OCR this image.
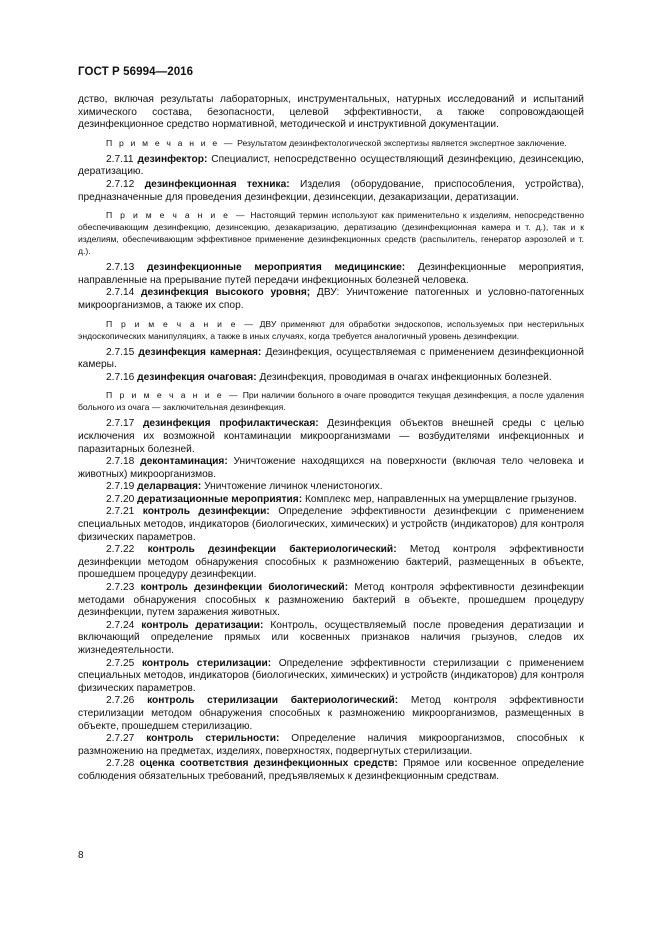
ГОСТ Р 56994—2016

дство, включая результаты лабораторных, инструментальных, натурных исследований и испытаний химического состава, безопасности, целевой эффективности, а также сопровождающей дезинфекционное средство нормативной, методической и инструктивной документации.

П р и м е ч а н и е — Результатом дезинфектологической экспертизы является экспертное заключение.

2.7.11 дезинфектор: Специалист, непосредственно осуществляющий дезинфекцию, дезинсекцию, дератизацию.

2.7.12 дезинфекционная техника: Изделия (оборудование, приспособления, устройства), предназначенные для проведения дезинфекции, дезинсекции, дезакаризации, дератизации.

П р и м е ч а н и е — Настоящий термин используют как применительно к изделиям, непосредственно обеспечивающим дезинфекцию, дезинсекцию, дезакаризацию, дератизацию (дезинфекционная камера и т. д.), так и к изделиям, обеспечивающим эффективное применение дезинфекционных средств (распылитель, генератор аэрозолей и т. д.).

2.7.13 дезинфекционные мероприятия медицинские: Дезинфекционные мероприятия, направленные на прерывание путей передачи инфекционных болезней человека.

2.7.14 дезинфекция высокого уровня; ДВУ: Уничтожение патогенных и условно-патогенных микроорганизмов, а также их спор.

П р и м е ч а н и е — ДВУ применяют для обработки эндоскопов, используемых при нестерильных эндоскопических манипуляциях, а также в иных случаях, когда требуется аналогичный уровень дезинфекции.

2.7.15 дезинфекция камерная: Дезинфекция, осуществляемая с применением дезинфекционной камеры.

2.7.16 дезинфекция очаговая: Дезинфекция, проводимая в очагах инфекционных болезней.

П р и м е ч а н и е — При наличии больного в очаге проводится текущая дезинфекция, а после удаления больного из очага — заключительная дезинфекция.

2.7.17 дезинфекция профилактическая: Дезинфекция объектов внешней среды с целью исключения их возможной контаминации микроорганизмами — возбудителями инфекционных и паразитарных болезней.

2.7.18 деконтаминация: Уничтожение находящихся на поверхности (включая тело человека и животных) микроорганизмов.

2.7.19 деларвация: Уничтожение личинок членистоногих.

2.7.20 дератизационные мероприятия: Комплекс мер, направленных на умерщвление грызунов.

2.7.21 контроль дезинфекции: Определение эффективности дезинфекции с применением специальных методов, индикаторов (биологических, химических) и устройств (индикаторов) для контроля физических параметров.

2.7.22 контроль дезинфекции бактериологический: Метод контроля эффективности дезинфекции методом обнаружения способных к размножению бактерий, размещенных в объекте, прошедшем процедуру дезинфекции.

2.7.23 контроль дезинфекции биологический: Метод контроля эффективности дезинфекции методами обнаружения способных к размножению бактерий в объекте, прошедшем процедуру дезинфекции, путем заражения животных.

2.7.24 контроль дератизации: Контроль, осуществляемый после проведения дератизации и включающий определение прямых или косвенных признаков наличия грызунов, следов их жизнедеятельности.

2.7.25 контроль стерилизации: Определение эффективности стерилизации с применением специальных методов, индикаторов (биологических, химических) и устройств (индикаторов) для контроля физических параметров.

2.7.26 контроль стерилизации бактериологический: Метод контроля эффективности стерилизации методом обнаружения способных к размножению микроорганизмов, размещенных в объекте, прошедшем стерилизацию.

2.7.27 контроль стерильности: Определение наличия микроорганизмов, способных к размножению на предметах, изделиях, поверхностях, подвергнутых стерилизации.

2.7.28 оценка соответствия дезинфекционных средств: Прямое или косвенное определение соблюдения обязательных требований, предъявляемых к дезинфекционным средствам.

8
